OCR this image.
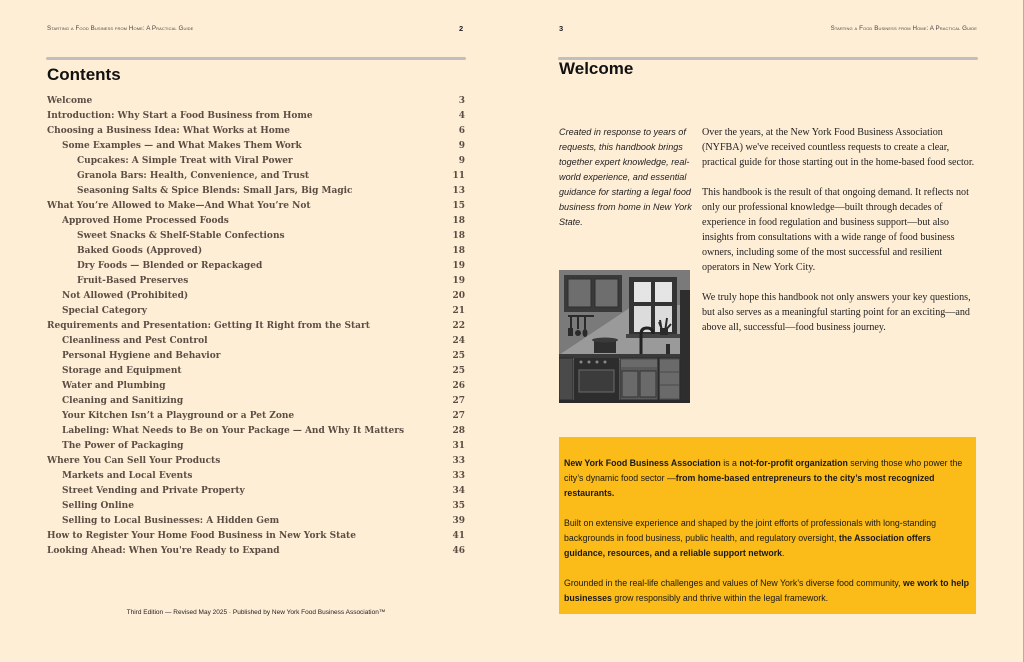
Starting a Food Business from Home: A Practical Guide	2
Contents
Welcome	3
Introduction: Why Start a Food Business from Home	4
Choosing a Business Idea: What Works at Home	6
Some Examples — and What Makes Them Work	9
Cupcakes: A Simple Treat with Viral Power	9
Granola Bars: Health, Convenience, and Trust	11
Seasoning Salts & Spice Blends: Small Jars, Big Magic	13
What You’re Allowed to Make—And What You’re Not	15
Approved Home Processed Foods	18
Sweet Snacks & Shelf-Stable Confections	18
Baked Goods (Approved)	18
Dry Foods — Blended or Repackaged	19
Fruit-Based Preserves	19
Not Allowed (Prohibited)	20
Special Category	21
Requirements and Presentation: Getting It Right from the Start	22
Cleanliness and Pest Control	24
Personal Hygiene and Behavior	25
Storage and Equipment	25
Water and Plumbing	26
Cleaning and Sanitizing	27
Your Kitchen Isn’t a Playground or a Pet Zone	27
Labeling: What Needs to Be on Your Package — And Why It Matters	28
The Power of Packaging	31
Where You Can Sell Your Products	33
Markets and Local Events	33
Street Vending and Private Property	34
Selling Online	35
Selling to Local Businesses: A Hidden Gem	39
How to Register Your Home Food Business in New York State	41
Looking Ahead: When You're Ready to Expand	46
Third Edition — Revised May 2025 · Published by New York Food Business Association™
3	Starting a Food Business from Home: A Practical Guide
Welcome
Created in response to years of requests, this handbook brings together expert knowledge, real-world experience, and essential guidance for starting a legal food business from home in New York State.

Over the years, at the New York Food Business Association (NYFBA) we've received countless requests to create a clear, practical guide for those starting out in the home-based food sector.

This handbook is the result of that ongoing demand. It reflects not only our professional knowledge—built through decades of experience in food regulation and business support—but also insights from consultations with a wide range of food business owners, including some of the most successful and resilient operators in New York City.

We truly hope this handbook not only answers your key questions, but also serves as a meaningful starting point for an exciting—and above all, successful—food business journey.

New York Food Business Association is a not-for-profit organization serving those who power the city’s dynamic food sector —from home-based entrepreneurs to the city’s most recognized restaurants.

Built on extensive experience and shaped by the joint efforts of professionals with long-standing backgrounds in food business, public health, and regulatory oversight, the Association offers guidance, resources, and a reliable support network.

Grounded in the real-life challenges and values of New York’s diverse food community, we work to help businesses grow responsibly and thrive within the legal framework.
